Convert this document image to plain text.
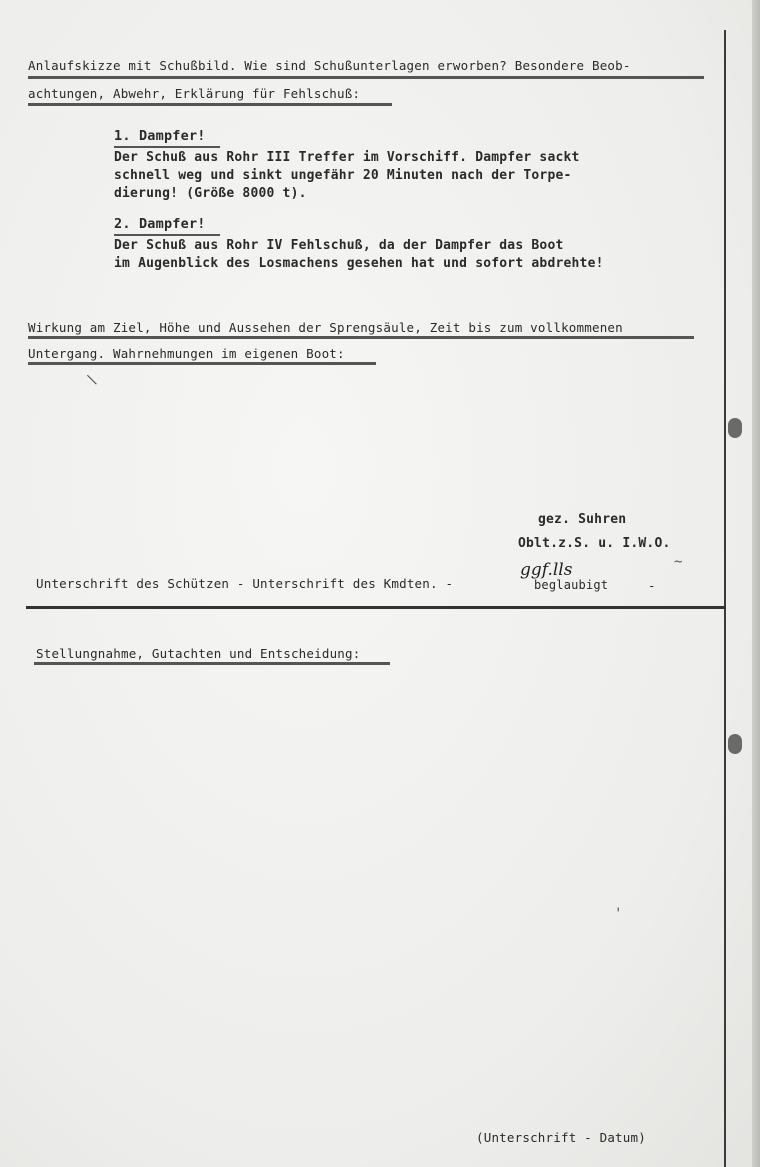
Anlaufskizze mit Schußbild. Wie sind Schußunterlagen erworben? Besondere Beob-
achtungen, Abwehr, Erklärung für Fehlschuß:
1. Dampfer!
Der Schuß aus Rohr III Treffer im Vorschiff. Dampfer sackt
schnell weg und sinkt ungefähr 20 Minuten nach der Torpe-
dierung! (Größe 8000 t).
2. Dampfer!
Der Schuß aus Rohr IV Fehlschuß, da der Dampfer das Boot
im Augenblick des Losmachens gesehen hat und sofort abdrehte!
Wirkung am Ziel, Höhe und Aussehen der Sprengsäule, Zeit bis zum vollkommenen
Untergang. Wahrnehmungen im eigenen Boot:
\
gez. Suhren
Oblt.z.S. u. I.W.O.
Unterschrift des Schützen - Unterschrift des Kmdten. -	beglaubigt	-
ggf.lls	~
Stellungnahme, Gutachten und Entscheidung:
'
(Unterschrift - Datum)
